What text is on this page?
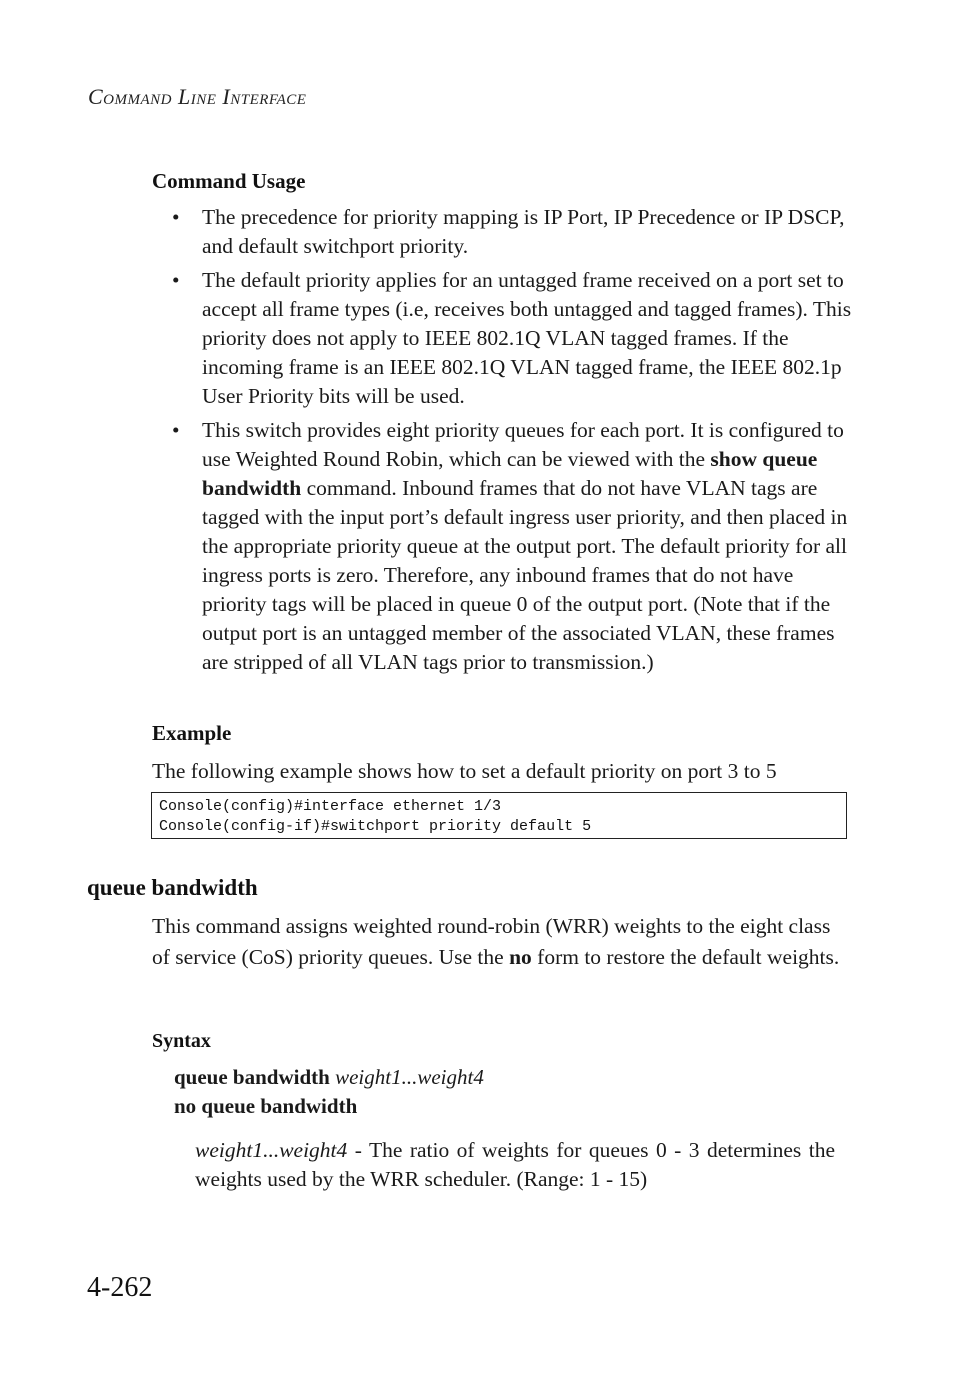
Command Line Interface
Command Usage
• The precedence for priority mapping is IP Port, IP Precedence or IP DSCP, and default switchport priority.
• The default priority applies for an untagged frame received on a port set to accept all frame types (i.e, receives both untagged and tagged frames). This priority does not apply to IEEE 802.1Q VLAN tagged frames. If the incoming frame is an IEEE 802.1Q VLAN tagged frame, the IEEE 802.1p User Priority bits will be used.
• This switch provides eight priority queues for each port. It is configured to use Weighted Round Robin, which can be viewed with the show queue bandwidth command. Inbound frames that do not have VLAN tags are tagged with the input port’s default ingress user priority, and then placed in the appropriate priority queue at the output port. The default priority for all ingress ports is zero. Therefore, any inbound frames that do not have priority tags will be placed in queue 0 of the output port. (Note that if the output port is an untagged member of the associated VLAN, these frames are stripped of all VLAN tags prior to transmission.)
Example
The following example shows how to set a default priority on port 3 to 5
Console(config)#interface ethernet 1/3
Console(config-if)#switchport priority default 5
queue bandwidth
This command assigns weighted round-robin (WRR) weights to the eight class of service (CoS) priority queues. Use the no form to restore the default weights.
Syntax
queue bandwidth weight1...weight4
no queue bandwidth
weight1...weight4 - The ratio of weights for queues 0 - 3 determines the weights used by the WRR scheduler. (Range: 1 - 15)
4-262
